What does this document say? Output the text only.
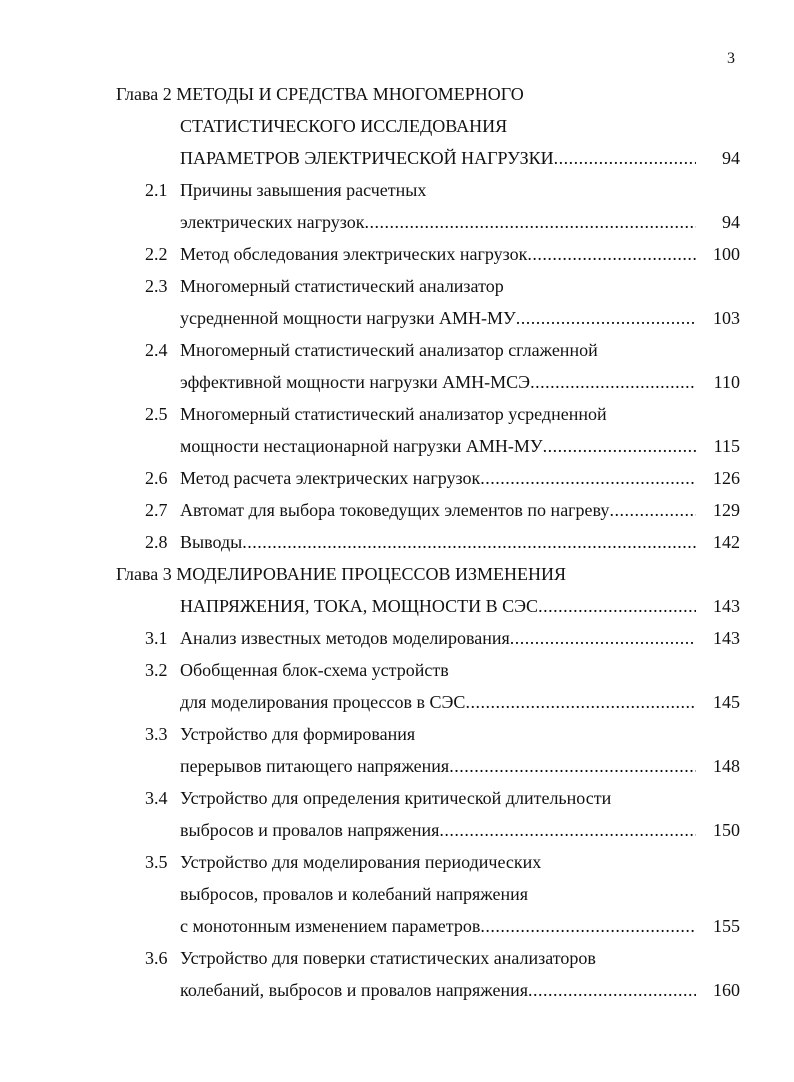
3
Глава 2 МЕТОДЫ И СРЕДСТВА МНОГОМЕРНОГО
СТАТИСТИЧЕСКОГО ИССЛЕДОВАНИЯ
ПАРАМЕТРОВ ЭЛЕКТРИЧЕСКОЙ НАГРУЗКИ . . .	94
2.1 Причины завышения расчетных
электрических нагрузок . . .	94
2.2 Метод обследования электрических нагрузок . . .	100
2.3 Многомерный статистический анализатор
усредненной мощности нагрузки АМН-МУ . . .	103
2.4 Многомерный статистический анализатор сглаженной
эффективной мощности нагрузки АМН-МСЭ . . .	110
2.5 Многомерный статистический анализатор усредненной
мощности нестационарной нагрузки АМН-МУ . . .	115
2.6 Метод расчета электрических нагрузок . . .	126
2.7 Автомат для выбора токоведущих элементов по нагреву . . .	129
2.8 Выводы . . .	142
Глава 3 МОДЕЛИРОВАНИЕ ПРОЦЕССОВ ИЗМЕНЕНИЯ
НАПРЯЖЕНИЯ, ТОКА, МОЩНОСТИ В СЭС . . .	143
3.1 Анализ известных методов моделирования . . .	143
3.2 Обобщенная блок-схема устройств
для моделирования процессов в СЭС . . .	145
3.3 Устройство для формирования
перерывов питающего напряжения . . .	148
3.4 Устройство для определения критической длительности
выбросов и провалов напряжения . . .	150
3.5 Устройство для моделирования периодических
выбросов, провалов и колебаний напряжения
с монотонным изменением параметров . . .	155
3.6 Устройство для поверки статистических анализаторов
колебаний, выбросов и провалов напряжения . . .	160
